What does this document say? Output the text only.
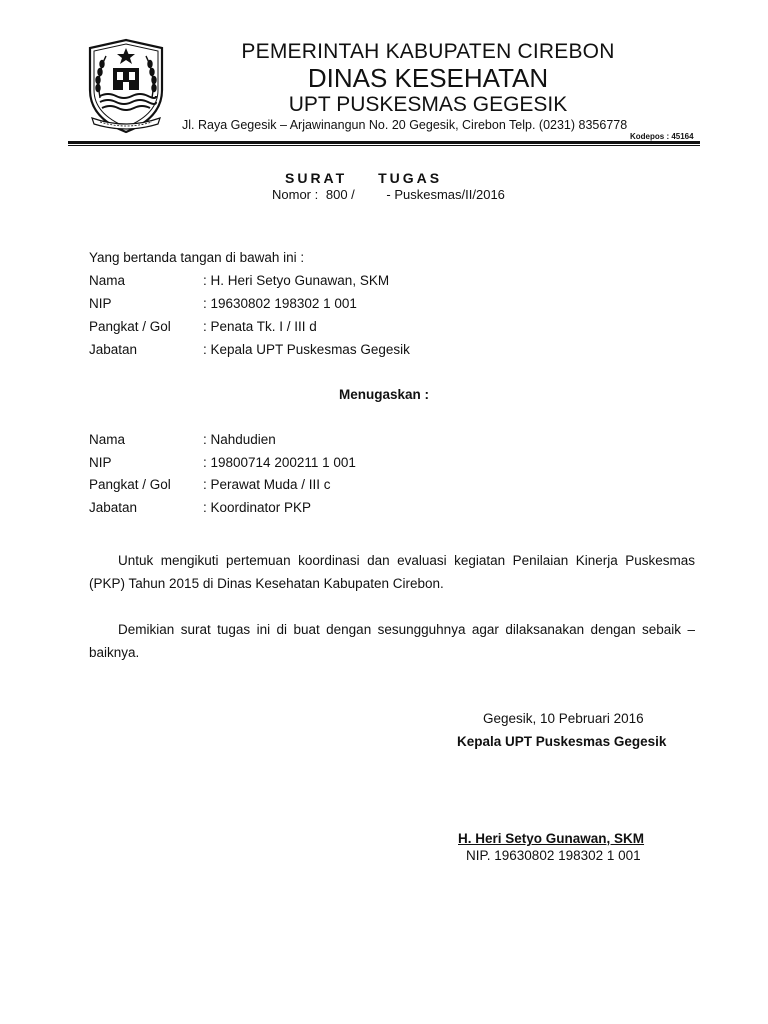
PEMERINTAH KABUPATEN CIREBON
DINAS KESEHATAN
UPT PUSKESMAS GEGESIK
Jl. Raya Gegesik – Arjawinangun No. 20 Gegesik, Cirebon Telp. (0231) 8356778
Kodepos : 45164
SURAT TUGAS
Nomor : 800 / - Puskesmas/II/2016
Yang bertanda tangan di bawah ini :
Nama	: H. Heri Setyo Gunawan, SKM
NIP	: 19630802 198302 1 001
Pangkat / Gol : Penata Tk. I / III d
Jabatan	: Kepala UPT Puskesmas Gegesik
Menugaskan :
Nama	: Nahdudien
NIP	: 19800714 200211 1 001
Pangkat / Gol : Perawat Muda / III c
Jabatan	: Koordinator PKP
Untuk mengikuti pertemuan koordinasi dan evaluasi kegiatan Penilaian Kinerja Puskesmas (PKP) Tahun 2015 di Dinas Kesehatan Kabupaten Cirebon.
Demikian surat tugas ini di buat dengan sesungguhnya agar dilaksanakan dengan sebaik – baiknya.
Gegesik, 10 Pebruari 2016
Kepala UPT Puskesmas Gegesik
H. Heri Setyo Gunawan, SKM
NIP. 19630802 198302 1 001
